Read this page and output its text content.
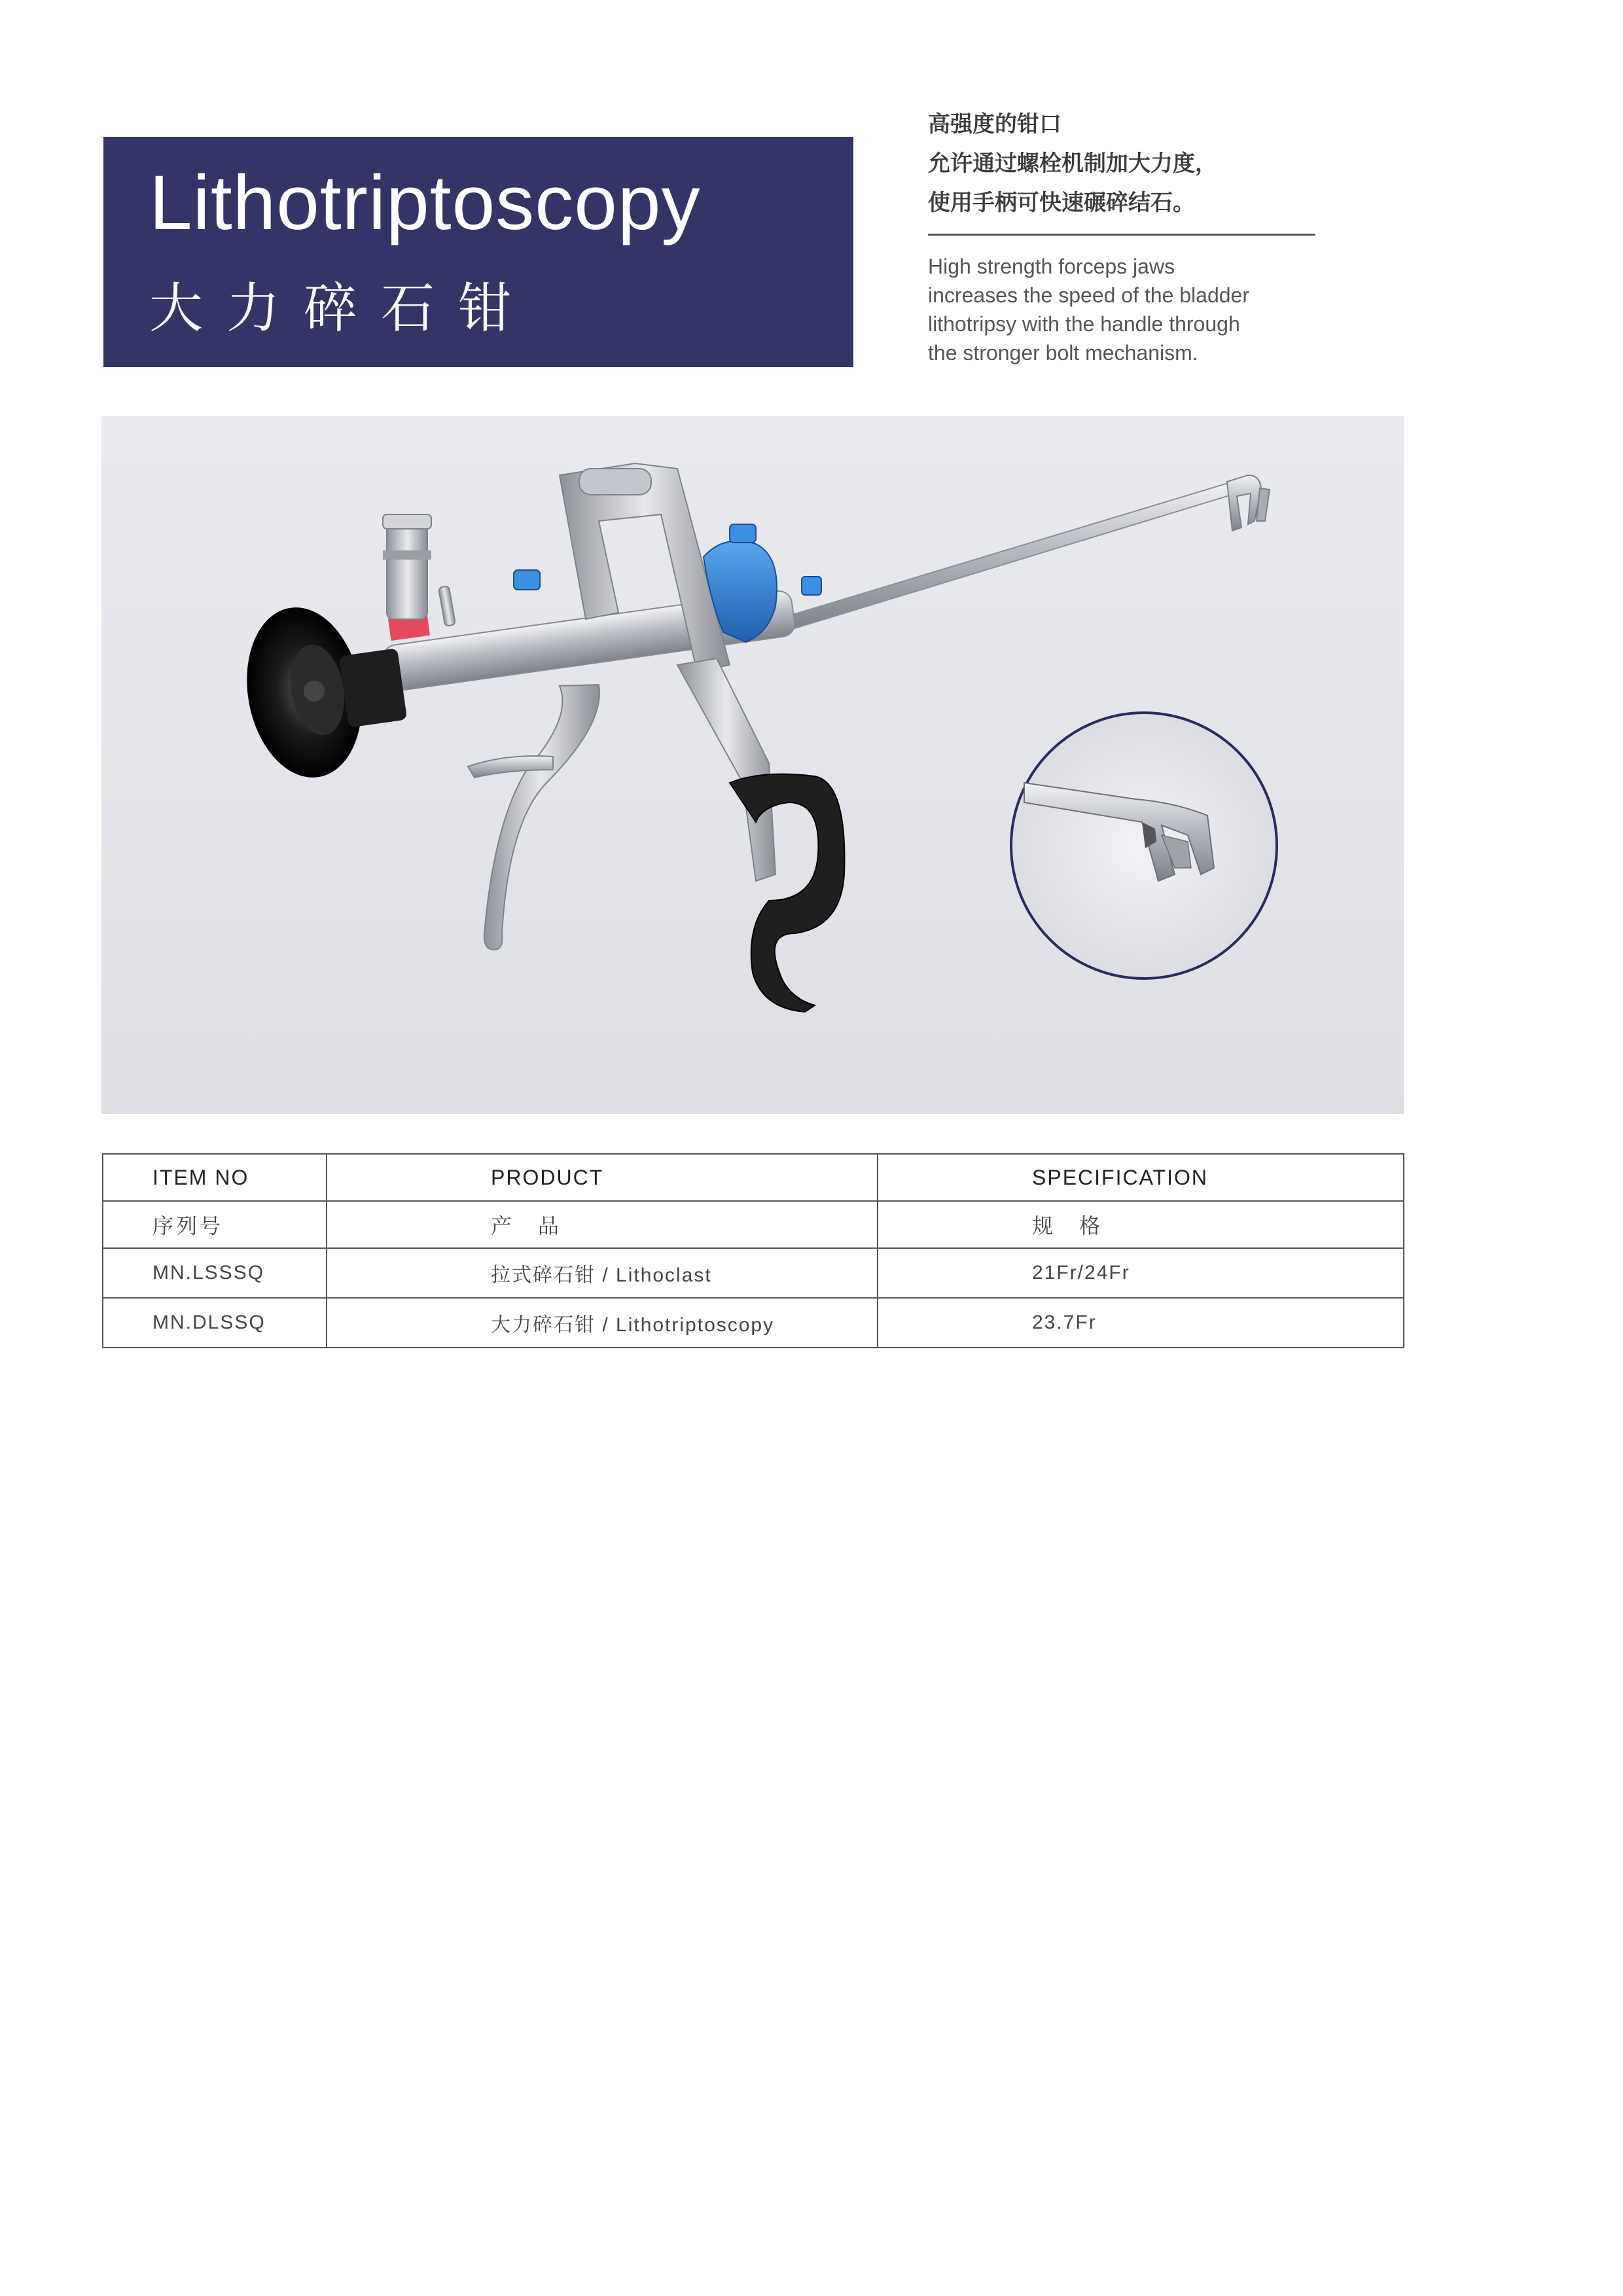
Lithotriptoscopy
大力碎石钳
高强度的钳口
允许通过螺栓机制加大力度，
使用手柄可快速碾碎结石。
High strength forceps jaws
increases the speed of the bladder
lithotripsy with the handle through
the stronger bolt mechanism.
ITEM NO	PRODUCT	SPECIFICATION
序列号	产品	规格
MN.LSSSQ	拉式碎石钳 / Lithoclast	21Fr/24Fr
MN.DLSSQ	大力碎石钳 / Lithotriptoscopy	23.7Fr
